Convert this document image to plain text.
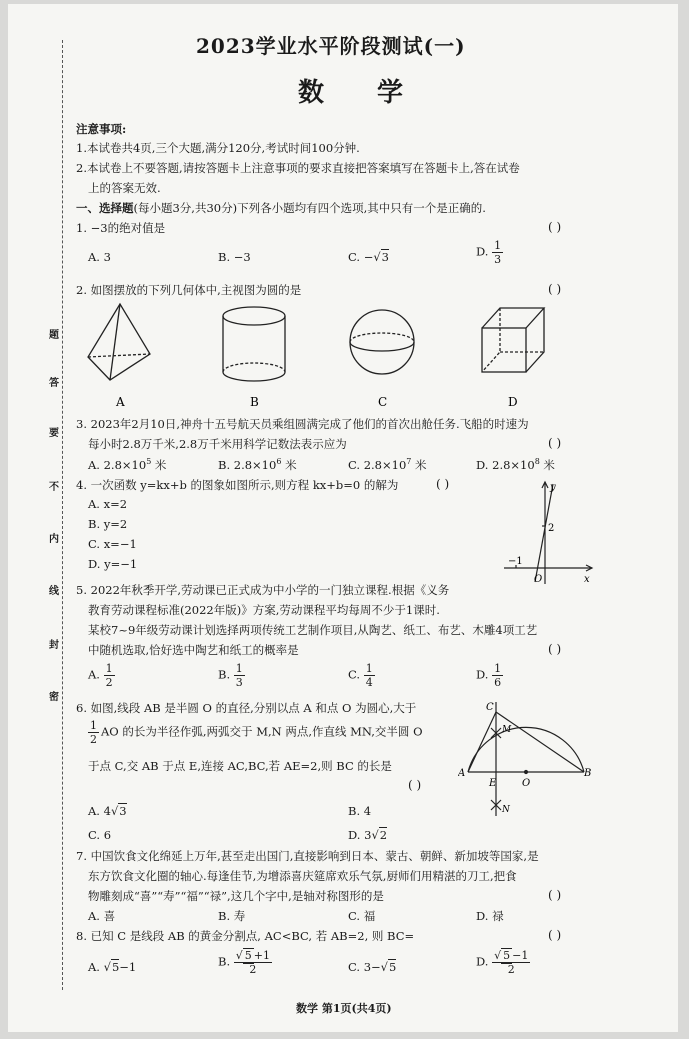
题
答
要
不
内
线
封
密
2023学业水平阶段测试(一)
数 学
注意事项:
1.本试卷共4页,三个大题,满分120分,考试时间100分钟.
2.本试卷上不要答题,请按答题卡上注意事项的要求直接把答案填写在答题卡上,答在试卷
上的答案无效.
一、选择题(每小题3分,共30分)下列各小题均有四个选项,其中只有一个是正确的.
1. −3的绝对值是	( )
A. 3	B. −3	C. −√3	D. $\frac{1}{3}$
2. 如图摆放的下列几何体中,主视图为圆的是	( )
A	B	C	D
3. 2023年2月10日,神舟十五号航天员乘组圆满完成了他们的首次出舱任务.飞船的时速为
每小时2.8万千米,2.8万千米用科学记数法表示应为	( )
A. $2.8\times 10^5$ 米	B. $2.8\times 10^6$ 米	C. $2.8\times 10^7$ 米	D. $2.8\times 10^8$ 米
4. 一次函数 y=kx+b 的图象如图所示,则方程 kx+b=0 的解为	( )
A. x=2
B. y=2
C. x=−1
D. y=−1
y
x
O
2
−1
5. 2022年秋季开学,劳动课已正式成为中小学的一门独立课程.根据《义务
教育劳动课程标准(2022年版)》方案,劳动课程平均每周不少于1课时.
某校7~9年级劳动课计划选择两项传统工艺制作项目,从陶艺、纸工、布艺、木雕4项工艺
中随机选取,恰好选中陶艺和纸工的概率是	( )
A. $\frac{1}{2}$	B. $\frac{1}{3}$	C. $\frac{1}{4}$	D. $\frac{1}{6}$
6. 如图,线段 AB 是半圆 O 的直径,分别以点 A 和点 O 为圆心,大于
$\frac{1}{2}$ AO 的长为半径作弧,两弧交于 M,N 两点,作直线 MN,交半圆 O
于点 C,交 AB 于点 E,连接 AC,BC,若 AE=2,则 BC 的长是
( )
A. 4√3	B. 4
C. 6	D. 3√2
C
M
A
E	O
B
N
7. 中国饮食文化绵延上万年,甚至走出国门,直接影响到日本、蒙古、朝鲜、新加坡等国家,是
东方饮食文化圈的轴心.每逢佳节,为增添喜庆筵席欢乐气氛,厨师们用精湛的刀工,把食
物雕刻成“喜”“寿”“福”“禄”,这几个字中,是轴对称图形的是	( )
A. 喜	B. 寿	C. 福	D. 禄
8. 已知 C 是线段 AB 的黄金分割点, AC<BC, 若 AB=2, 则 BC=	( )
A. √5−1	B. $\frac{√ 5 +1}{2}$	C. 3−√5	D. $\frac{√ 5 -1}{2}$
数学 第1页(共4页)
